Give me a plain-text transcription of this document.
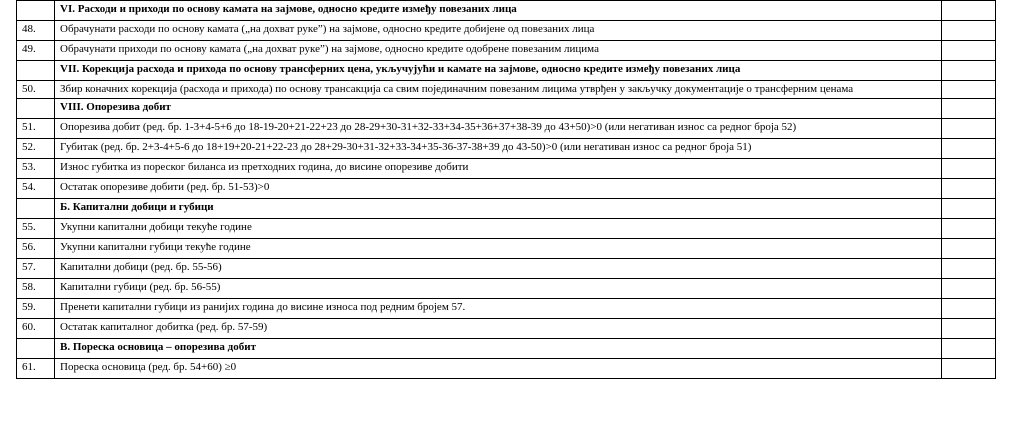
	VI. Расходи и приходи по основу камата на зајмове, односно кредите између повезаних лица	
48.	Обрачунати расходи по основу камата („на дохват руке”) на зајмове, односно кредите добијене од повезаних лица	
49.	Обрачунати приходи по основу камата („на дохват руке”) на зајмове, односно кредите одобрене повезаним лицима	
	VII. Корекција расхода и прихода по основу трансферних цена, укључујући и камате на зајмове, односно кредите између повезаних лица	
50.	Збир коначних корекција (расхода и прихода) по основу трансакција са свим појединачним повезаним лицима утврђен у закључку документације о трансферним ценама	
	VIII. Опорезива добит	
51.	Опорезива добит (ред. бр. 1-3+4-5+6 до 18-19-20+21-22+23 до 28-29+30-31+32-33+34-35+36+37+38-39 до 43+50)>0 (или негативан износ са редног броја 52)	
52.	Губитак (ред. бр. 2+3-4+5-6 до 18+19+20-21+22-23 до 28+29-30+31-32+33-34+35-36-37-38+39 до 43-50)>0 (или негативан износ са редног броја 51)	
53.	Износ губитка из пореског биланса из претходних година, до висине опорезиве добити	
54.	Остатак опорезиве добити (ред. бр. 51-53)>0	
	Б. Капитални добици и губици	
55.	Укупни капитални добици текуће године	
56.	Укупни капитални губици текуће године	
57.	Капитални добици (ред. бр. 55-56)	
58.	Капитални губици (ред. бр. 56-55)	
59.	Пренети капитални губици из ранијих година до висине износа под редним бројем 57.	
60.	Остатак капиталног добитка (ред. бр. 57-59)	
	В. Пореска основица – опорезива добит	
61.	Пореска основица (ред. бр. 54+60) ≥0	
